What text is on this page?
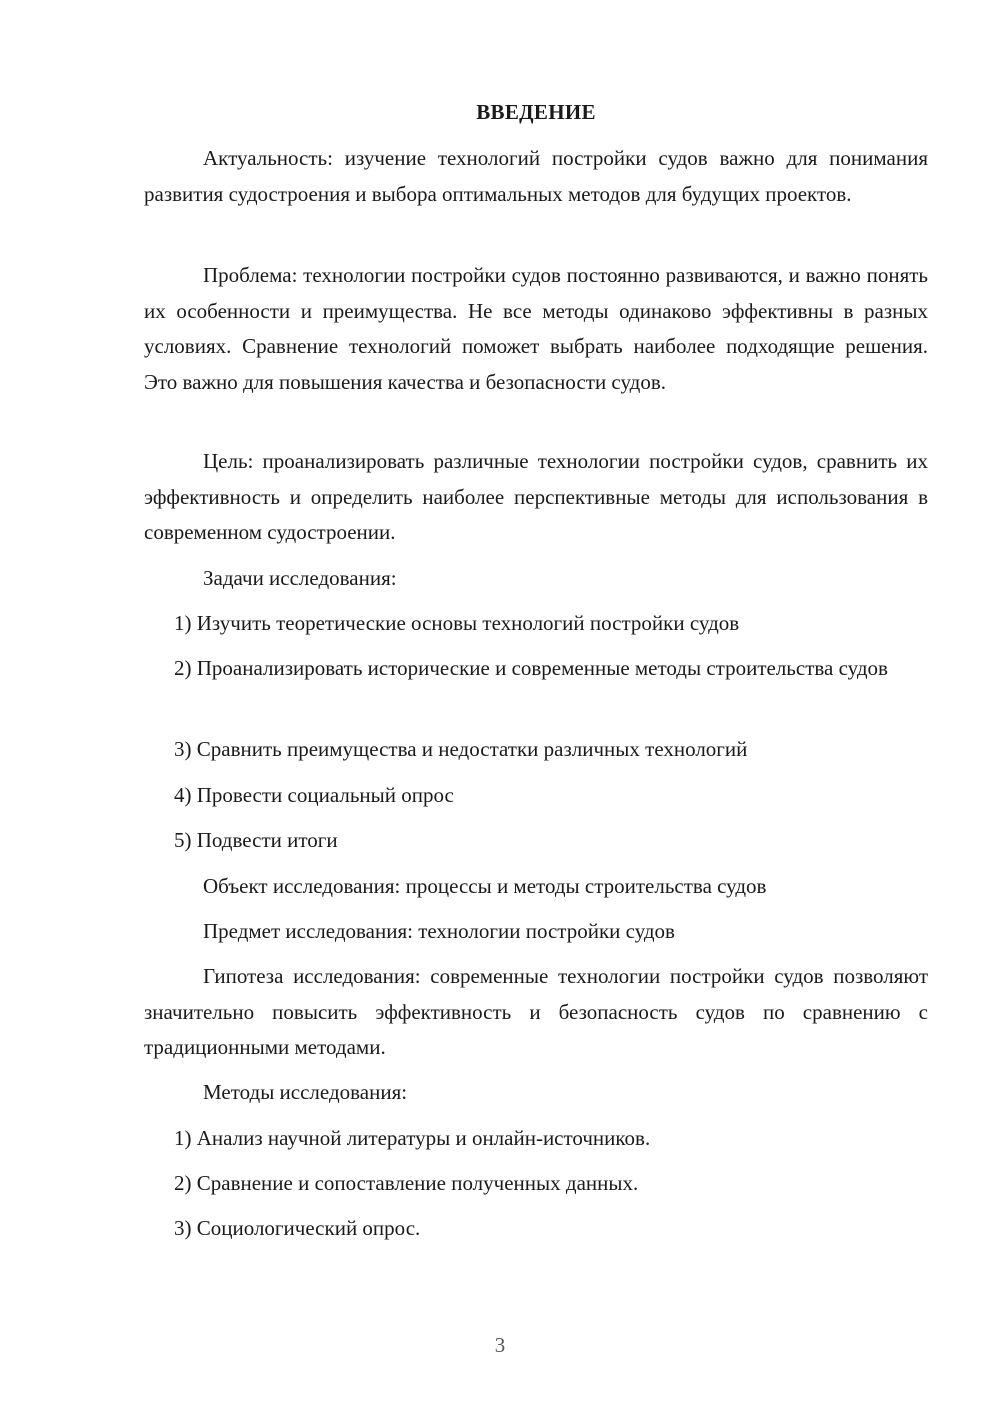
ВВЕДЕНИЕ

Актуальность: изучение технологий постройки судов важно для понимания развития судостроения и выбора оптимальных методов для будущих проектов.

Проблема: технологии постройки судов постоянно развиваются, и важно понять их особенности и преимущества. Не все методы одинаково эффективны в разных условиях. Сравнение технологий поможет выбрать наиболее подходящие решения. Это важно для повышения качества и безопасности судов.

Цель: проанализировать различные технологии постройки судов, сравнить их эффективность и определить наиболее перспективные методы для использования в современном судостроении.

Задачи исследования:

1) Изучить теоретические основы технологий постройки судов

2) Проанализировать исторические и современные методы строительства судов

3) Сравнить преимущества и недостатки различных технологий

4) Провести социальный опрос

5) Подвести итоги

Объект исследования: процессы и методы строительства судов

Предмет исследования: технологии постройки судов

Гипотеза исследования: современные технологии постройки судов позволяют значительно повысить эффективность и безопасность судов по сравнению с традиционными методами.

Методы исследования:

1) Анализ научной литературы и онлайн-источников.

2) Сравнение и сопоставление полученных данных.

3) Социологический опрос.

3
